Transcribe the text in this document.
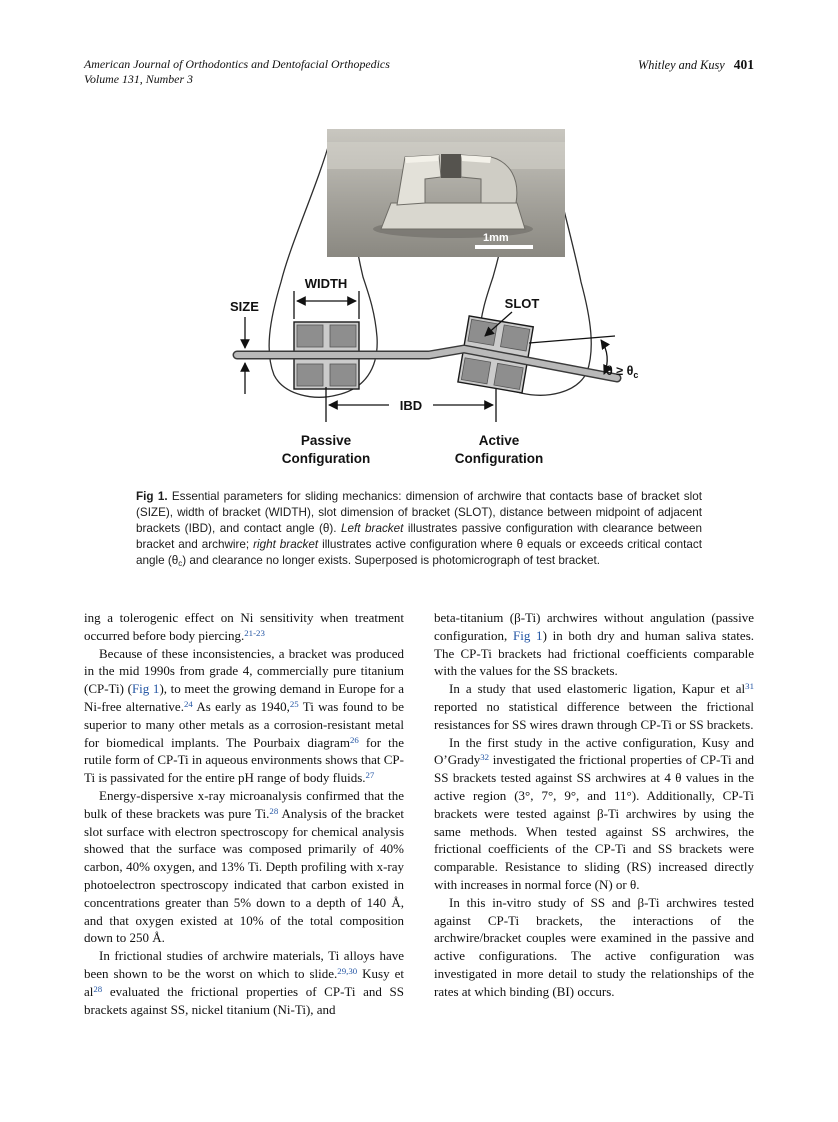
American Journal of Orthodontics and Dentofacial Orthopedics
Volume 131, Number 3
Whitley and Kusy 401
1mm
SIZE
WIDTH
SLOT
IBD
$\theta \ge \theta_c$
Passive
Configuration
Active
Configuration
Fig 1. Essential parameters for sliding mechanics: dimension of archwire that contacts base of bracket slot (SIZE), width of bracket (WIDTH), slot dimension of bracket (SLOT), distance between midpoint of adjacent brackets (IBD), and contact angle (θ). Left bracket illustrates passive configuration with clearance between bracket and archwire; right bracket illustrates active configuration where θ equals or exceeds critical contact angle (θc) and clearance no longer exists. Superposed is photomicrograph of test bracket.

ing a tolerogenic effect on Ni sensitivity when treatment occurred before body piercing.$^{21-23}$

Because of these inconsistencies, a bracket was produced in the mid 1990s from grade 4, commercially pure titanium (CP-Ti) (Fig 1), to meet the growing demand in Europe for a Ni-free alternative.$^{24}$ As early as 1940,25 Ti was found to be superior to many other metals as a corrosion-resistant metal for biomedical implants. The Pourbaix diagram$^{26}$ for the rutile form of CP-Ti in aqueous environments shows that CP-Ti is passivated for the entire pH range of body fluids.$^{27}$

Energy-dispersive x-ray microanalysis confirmed that the bulk of these brackets was pure Ti.$^{28}$ Analysis of the bracket slot surface with electron spectroscopy for chemical analysis showed that the surface was composed primarily of 40% carbon, 40% oxygen, and 13% Ti. Depth profiling with x-ray photoelectron spectroscopy indicated that carbon existed in concentrations greater than 5% down to a depth of 140 Å, and that oxygen existed at 10% of the total composition down to 250 Å.

In frictional studies of archwire materials, Ti alloys have been shown to be the worst on which to slide.$^{29,30}$ Kusy et $al^{28}$ evaluated the frictional properties of CP-Ti and SS brackets against SS, nickel titanium (Ni-Ti), and

beta-titanium (β-Ti) archwires without angulation (passive configuration, Fig 1) in both dry and human saliva states. The CP-Ti brackets had frictional coefficients comparable with the values for the SS brackets.

In a study that used elastomeric ligation, Kapur et $al^{31}$ reported no statistical difference between the frictional resistances for SS wires drawn through CP-Ti or SS brackets.

In the first study in the active configuration, Kusy and O’Grady$^{32}$ investigated the frictional properties of CP-Ti and SS brackets tested against SS archwires at 4 θ values in the active region (3°, 7°, 9°, and 11°). Additionally, CP-Ti brackets were tested against β-Ti archwires by using the same methods. When tested against SS archwires, the frictional coefficients of the CP-Ti and SS brackets were comparable. Resistance to sliding (RS) increased directly with increases in normal force (N) or θ.

In this in-vitro study of SS and β-Ti archwires tested against CP-Ti brackets, the interactions of the archwire/bracket couples were examined in the passive and active configurations. The active configuration was investigated in more detail to study the relationships of the rates at which binding (BI) occurs.
